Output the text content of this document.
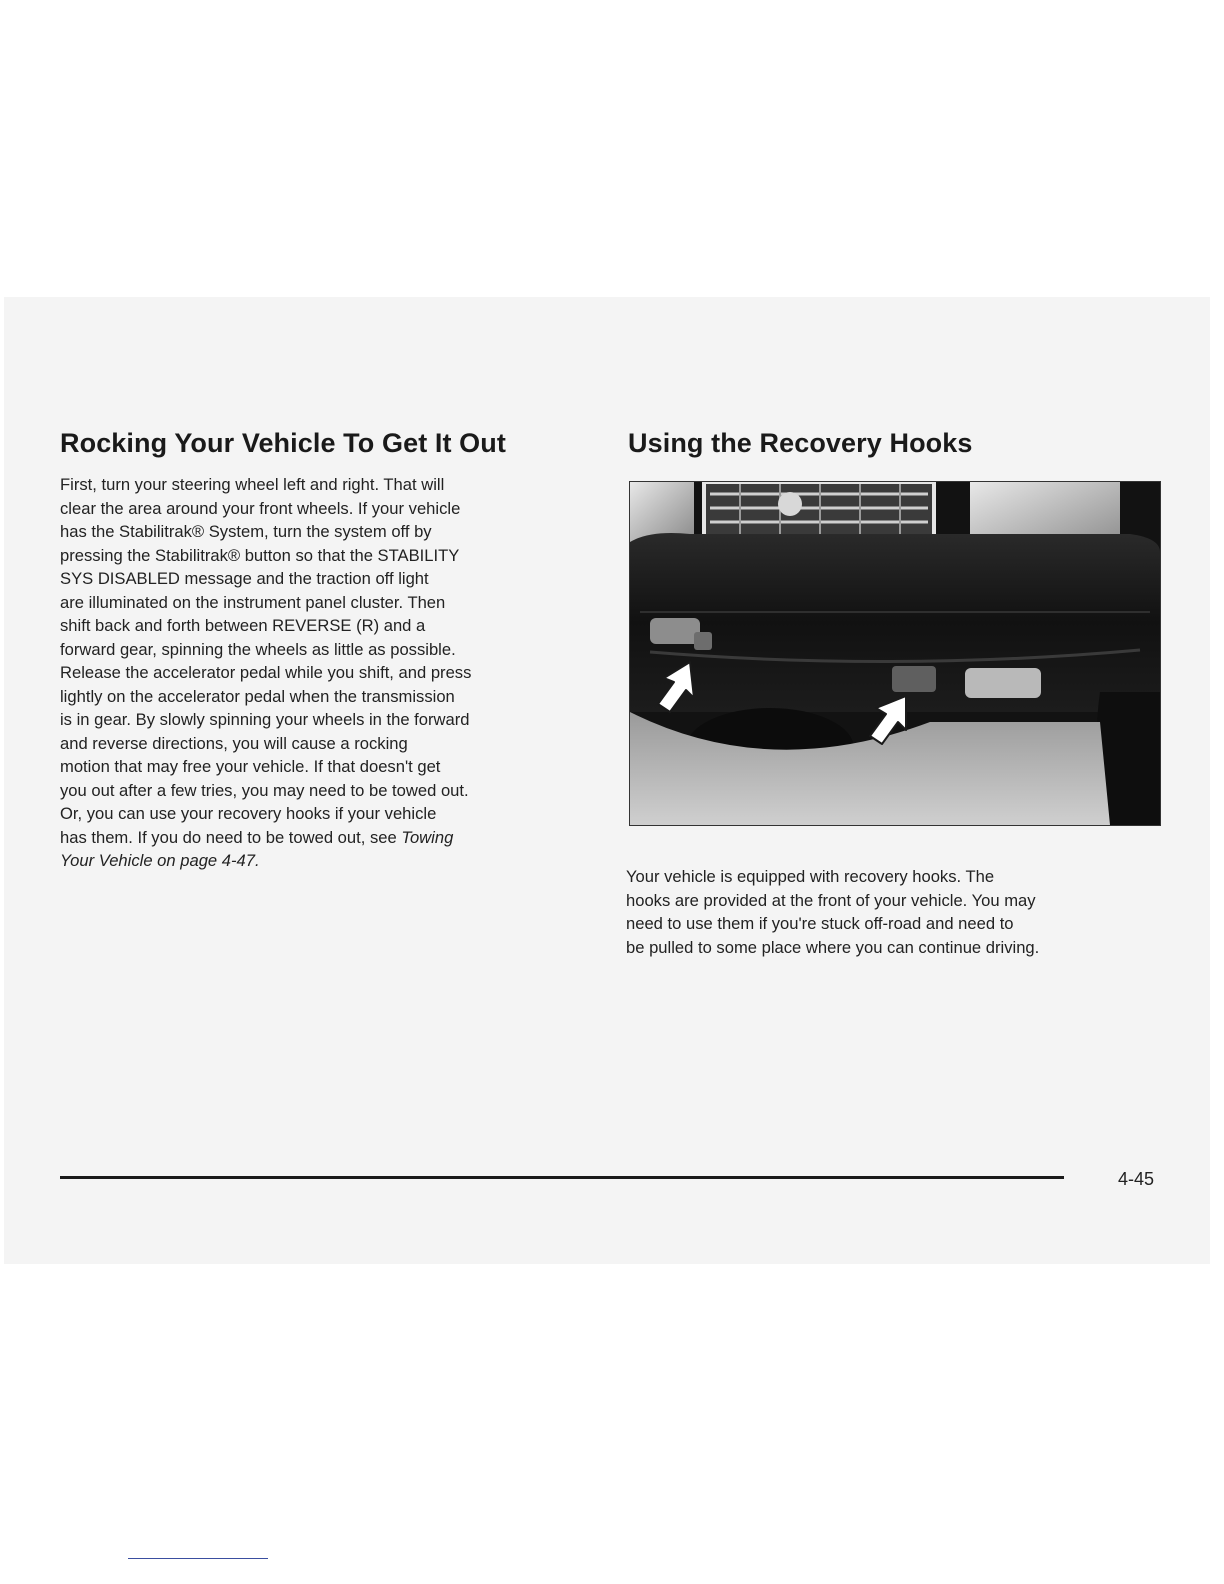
Rocking Your Vehicle To Get It Out

First, turn your steering wheel left and right. That will
clear the area around your front wheels. If your vehicle
has the Stabilitrak® System, turn the system off by
pressing the Stabilitrak® button so that the STABILITY
SYS DISABLED message and the traction off light
are illuminated on the instrument panel cluster. Then
shift back and forth between REVERSE (R) and a
forward gear, spinning the wheels as little as possible.
Release the accelerator pedal while you shift, and press
lightly on the accelerator pedal when the transmission
is in gear. By slowly spinning your wheels in the forward
and reverse directions, you will cause a rocking
motion that may free your vehicle. If that doesn't get
you out after a few tries, you may need to be towed out.
Or, you can use your recovery hooks if your vehicle
has them. If you do need to be towed out, see Towing
Your Vehicle on page 4-47.

Using the Recovery Hooks

Your vehicle is equipped with recovery hooks. The
hooks are provided at the front of your vehicle. You may
need to use them if you're stuck off-road and need to
be pulled to some place where you can continue driving.

4-45
